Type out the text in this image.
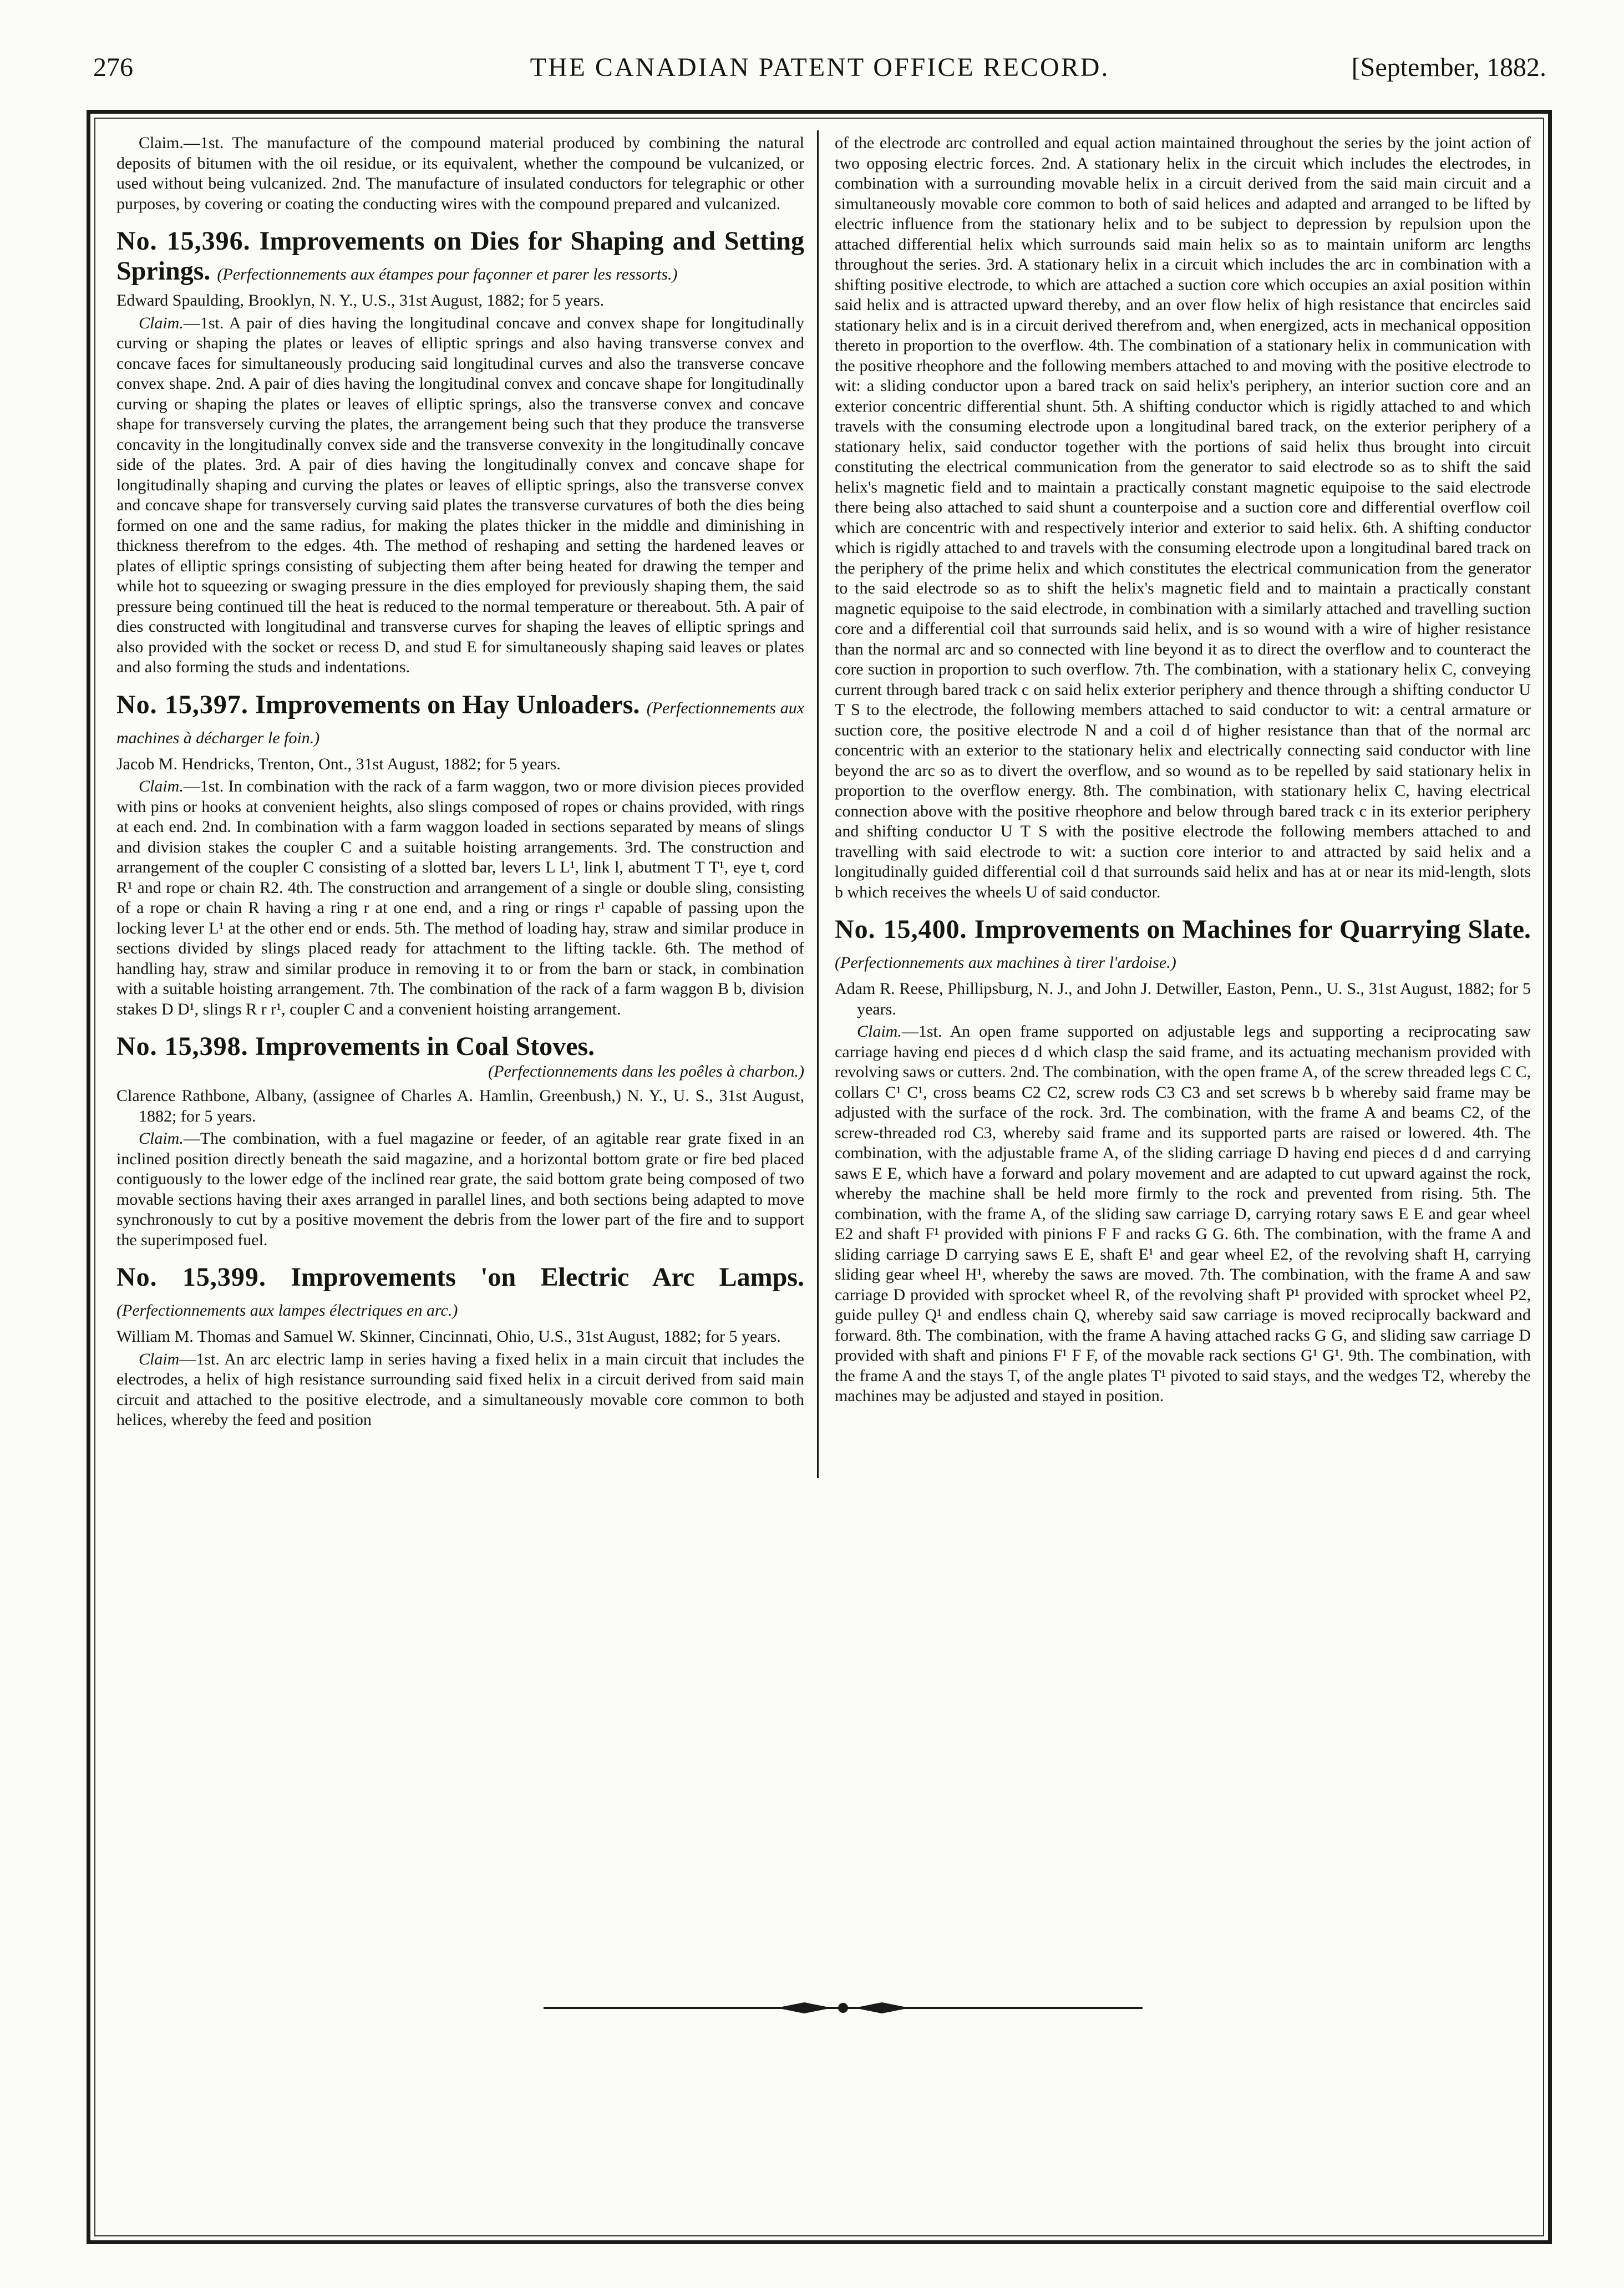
276	THE CANADIAN PATENT OFFICE RECORD.	[September, 1882.

Claim.—1st. The manufacture of the compound material produced by combining the natural deposits of bitumen with the oil residue, or its equivalent, whether the compound be vulcanized, or used without being vulcanized. 2nd. The manufacture of insulated conductors for telegraphic or other purposes, by covering or coating the conducting wires with the compound prepared and vulcanized.

No. 15,396. Improvements on Dies for Shaping and Setting Springs. (Perfectionnements aux étampes pour façonner et parer les ressorts.)

Edward Spaulding, Brooklyn, N. Y., U.S., 31st August, 1882; for 5 years.

Claim.—1st. A pair of dies having the longitudinal concave and convex shape for longitudinally curving or shaping the plates or leaves of elliptic springs and also having transverse convex and concave faces for simultaneously producing said longitudinal curves and also the transverse concave convex shape. 2nd. A pair of dies having the longitudinal convex and concave shape for longitudinally curving or shaping the plates or leaves of elliptic springs, also the transverse convex and concave shape for transversely curving the plates, the arrangement being such that they produce the transverse concavity in the longitudinally convex side and the transverse convexity in the longitudinally concave side of the plates. 3rd. A pair of dies having the longitudinally convex and concave shape for longitudinally shaping and curving the plates or leaves of elliptic springs, also the transverse convex and concave shape for transversely curving said plates the transverse curvatures of both the dies being formed on one and the same radius, for making the plates thicker in the middle and diminishing in thickness therefrom to the edges. 4th. The method of reshaping and setting the hardened leaves or plates of elliptic springs consisting of subjecting them after being heated for drawing the temper and while hot to squeezing or swaging pressure in the dies employed for previously shaping them, the said pressure being continued till the heat is reduced to the normal temperature or thereabout. 5th. A pair of dies constructed with longitudinal and transverse curves for shaping the leaves of elliptic springs and also provided with the socket or recess D, and stud E for simultaneously shaping said leaves or plates and also forming the studs and indentations.

No. 15,397. Improvements on Hay Unloaders. (Perfectionnements aux machines à décharger le foin.)

Jacob M. Hendricks, Trenton, Ont., 31st August, 1882; for 5 years.

Claim.—1st. In combination with the rack of a farm waggon, two or more division pieces provided with pins or hooks at convenient heights, also slings composed of ropes or chains provided, with rings at each end. 2nd. In combination with a farm waggon loaded in sections separated by means of slings and division stakes the coupler C and a suitable hoisting arrangements. 3rd. The construction and arrangement of the coupler C consisting of a slotted bar, levers L L¹, link l, abutment T T¹, eye t, cord R¹ and rope or chain R2. 4th. The construction and arrangement of a single or double sling, consisting of a rope or chain R having a ring r at one end, and a ring or rings r¹ capable of passing upon the locking lever L¹ at the other end or ends. 5th. The method of loading hay, straw and similar produce in sections divided by slings placed ready for attachment to the lifting tackle. 6th. The method of handling hay, straw and similar produce in removing it to or from the barn or stack, in combination with a suitable hoisting arrangement. 7th. The combination of the rack of a farm waggon B b, division stakes D D¹, slings R r r¹, coupler C and a convenient hoisting arrangement.

No. 15,398. Improvements in Coal Stoves.
(Perfectionnements dans les poêles à charbon.)

Clarence Rathbone, Albany, (assignee of Charles A. Hamlin, Greenbush,) N. Y., U. S., 31st August, 1882; for 5 years.

Claim.—The combination, with a fuel magazine or feeder, of an agitable rear grate fixed in an inclined position directly beneath the said magazine, and a horizontal bottom grate or fire bed placed contiguously to the lower edge of the inclined rear grate, the said bottom grate being composed of two movable sections having their axes arranged in parallel lines, and both sections being adapted to move synchronously to cut by a positive movement the debris from the lower part of the fire and to support the superimposed fuel.

No. 15,399. Improvements 'on Electric Arc Lamps. (Perfectionnements aux lampes électriques en arc.)

William M. Thomas and Samuel W. Skinner, Cincinnati, Ohio, U.S., 31st August, 1882; for 5 years.

Claim—1st. An arc electric lamp in series having a fixed helix in a main circuit that includes the electrodes, a helix of high resistance surrounding said fixed helix in a circuit derived from said main circuit and attached to the positive electrode, and a simultaneously movable core common to both helices, whereby the feed and position

of the electrode arc controlled and equal action maintained throughout the series by the joint action of two opposing electric forces. 2nd. A stationary helix in the circuit which includes the electrodes, in combination with a surrounding movable helix in a circuit derived from the said main circuit and a simultaneously movable core common to both of said helices and adapted and arranged to be lifted by electric influence from the stationary helix and to be subject to depression by repulsion upon the attached differential helix which surrounds said main helix so as to maintain uniform arc lengths throughout the series. 3rd. A stationary helix in a circuit which includes the arc in combination with a shifting positive electrode, to which are attached a suction core which occupies an axial position within said helix and is attracted upward thereby, and an over flow helix of high resistance that encircles said stationary helix and is in a circuit derived therefrom and, when energized, acts in mechanical opposition thereto in proportion to the overflow. 4th. The combination of a stationary helix in communication with the positive rheophore and the following members attached to and moving with the positive electrode to wit: a sliding conductor upon a bared track on said helix's periphery, an interior suction core and an exterior concentric differential shunt. 5th. A shifting conductor which is rigidly attached to and which travels with the consuming electrode upon a longitudinal bared track, on the exterior periphery of a stationary helix, said conductor together with the portions of said helix thus brought into circuit constituting the electrical communication from the generator to said electrode so as to shift the said helix's magnetic field and to maintain a practically constant magnetic equipoise to the said electrode there being also attached to said shunt a counterpoise and a suction core and differential overflow coil which are concentric with and respectively interior and exterior to said helix. 6th. A shifting conductor which is rigidly attached to and travels with the consuming electrode upon a longitudinal bared track on the periphery of the prime helix and which constitutes the electrical communication from the generator to the said electrode so as to shift the helix's magnetic field and to maintain a practically constant magnetic equipoise to the said electrode, in combination with a similarly attached and travelling suction core and a differential coil that surrounds said helix, and is so wound with a wire of higher resistance than the normal arc and so connected with line beyond it as to direct the overflow and to counteract the core suction in proportion to such overflow. 7th. The combination, with a stationary helix C, conveying current through bared track c on said helix exterior periphery and thence through a shifting conductor U T S to the electrode, the following members attached to said conductor to wit: a central armature or suction core, the positive electrode N and a coil d of higher resistance than that of the normal arc concentric with an exterior to the stationary helix and electrically connecting said conductor with line beyond the arc so as to divert the overflow, and so wound as to be repelled by said stationary helix in proportion to the overflow energy. 8th. The combination, with stationary helix C, having electrical connection above with the positive rheophore and below through bared track c in its exterior periphery and shifting conductor U T S with the positive electrode the following members attached to and travelling with said electrode to wit: a suction core interior to and attracted by said helix and a longitudinally guided differential coil d that surrounds said helix and has at or near its mid-length, slots b which receives the wheels U of said conductor.

No. 15,400. Improvements on Machines for Quarrying Slate. (Perfectionnements aux machines à tirer l'ardoise.)

Adam R. Reese, Phillipsburg, N. J., and John J. Detwiller, Easton, Penn., U. S., 31st August, 1882; for 5 years.

Claim.—1st. An open frame supported on adjustable legs and supporting a reciprocating saw carriage having end pieces d d which clasp the said frame, and its actuating mechanism provided with revolving saws or cutters. 2nd. The combination, with the open frame A, of the screw threaded legs C C, collars C¹ C¹, cross beams C2 C2, screw rods C3 C3 and set screws b b whereby said frame may be adjusted with the surface of the rock. 3rd. The combination, with the frame A and beams C2, of the screw-threaded rod C3, whereby said frame and its supported parts are raised or lowered. 4th. The combination, with the adjustable frame A, of the sliding carriage D having end pieces d d and carrying saws E E, which have a forward and polary movement and are adapted to cut upward against the rock, whereby the machine shall be held more firmly to the rock and prevented from rising. 5th. The combination, with the frame A, of the sliding saw carriage D, carrying rotary saws E E and gear wheel E2 and shaft F¹ provided with pinions F F and racks G G. 6th. The combination, with the frame A and sliding carriage D carrying saws E E, shaft E¹ and gear wheel E2, of the revolving shaft H, carrying sliding gear wheel H¹, whereby the saws are moved. 7th. The combination, with the frame A and saw carriage D provided with sprocket wheel R, of the revolving shaft P¹ provided with sprocket wheel P2, guide pulley Q¹ and endless chain Q, whereby said saw carriage is moved reciprocally backward and forward. 8th. The combination, with the frame A having attached racks G G, and sliding saw carriage D provided with shaft and pinions F¹ F F, of the movable rack sections G¹ G¹. 9th. The combination, with the frame A and the stays T, of the angle plates T¹ pivoted to said stays, and the wedges T2, whereby the machines may be adjusted and stayed in position.
